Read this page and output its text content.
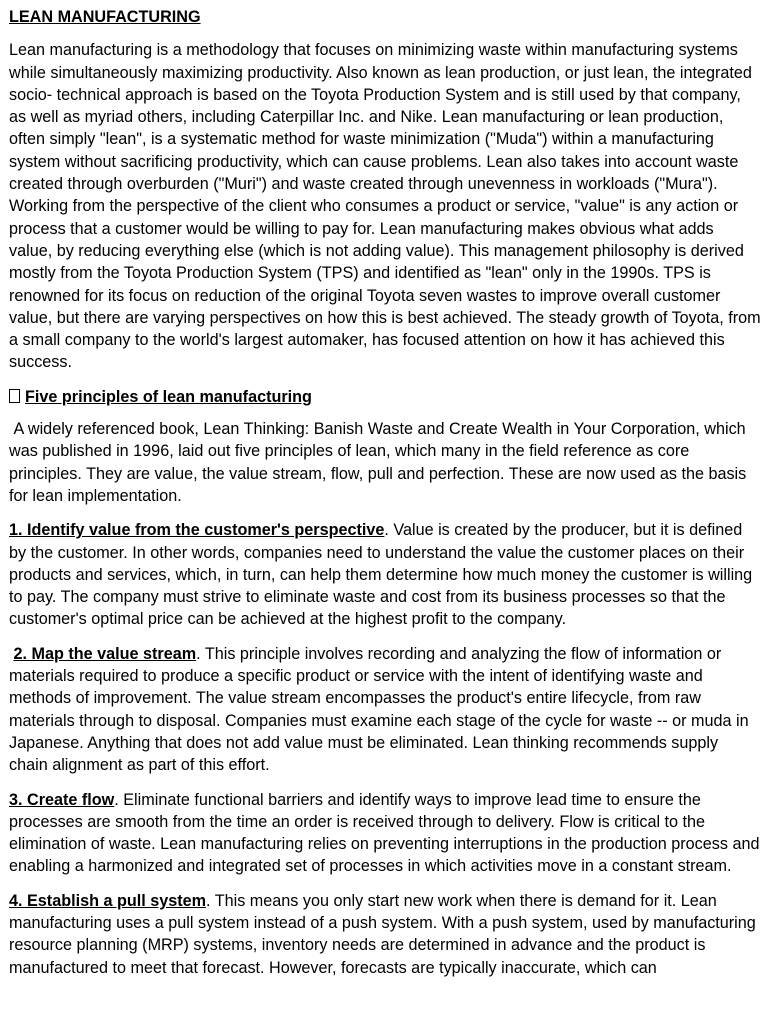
LEAN MANUFACTURING

Lean manufacturing is a methodology that focuses on minimizing waste within manufacturing systems while simultaneously maximizing productivity. Also known as lean production, or just lean, the integrated socio- technical approach is based on the Toyota Production System and is still used by that company, as well as myriad others, including Caterpillar Inc. and Nike. Lean manufacturing or lean production, often simply "lean", is a systematic method for waste minimization ("Muda") within a manufacturing system without sacrificing productivity, which can cause problems. Lean also takes into account waste created through overburden ("Muri") and waste created through unevenness in workloads ("Mura"). Working from the perspective of the client who consumes a product or service, "value" is any action or process that a customer would be willing to pay for. Lean manufacturing makes obvious what adds value, by reducing everything else (which is not adding value). This management philosophy is derived mostly from the Toyota Production System (TPS) and identified as "lean" only in the 1990s. TPS is renowned for its focus on reduction of the original Toyota seven wastes to improve overall customer value, but there are varying perspectives on how this is best achieved. The steady growth of Toyota, from a small company to the world's largest automaker, has focused attention on how it has achieved this success.

Five principles of lean manufacturing

A widely referenced book, Lean Thinking: Banish Waste and Create Wealth in Your Corporation, which was published in 1996, laid out five principles of lean, which many in the field reference as core principles. They are value, the value stream, flow, pull and perfection. These are now used as the basis for lean implementation.

1. Identify value from the customer's perspective. Value is created by the producer, but it is defined by the customer. In other words, companies need to understand the value the customer places on their products and services, which, in turn, can help them determine how much money the customer is willing to pay. The company must strive to eliminate waste and cost from its business processes so that the customer's optimal price can be achieved at the highest profit to the company.

2. Map the value stream. This principle involves recording and analyzing the flow of information or materials required to produce a specific product or service with the intent of identifying waste and methods of improvement. The value stream encompasses the product's entire lifecycle, from raw materials through to disposal. Companies must examine each stage of the cycle for waste -- or muda in Japanese. Anything that does not add value must be eliminated. Lean thinking recommends supply chain alignment as part of this effort.

3. Create flow. Eliminate functional barriers and identify ways to improve lead time to ensure the processes are smooth from the time an order is received through to delivery. Flow is critical to the elimination of waste. Lean manufacturing relies on preventing interruptions in the production process and enabling a harmonized and integrated set of processes in which activities move in a constant stream.

4. Establish a pull system. This means you only start new work when there is demand for it. Lean manufacturing uses a pull system instead of a push system. With a push system, used by manufacturing resource planning (MRP) systems, inventory needs are determined in advance and the product is manufactured to meet that forecast. However, forecasts are typically inaccurate, which can
